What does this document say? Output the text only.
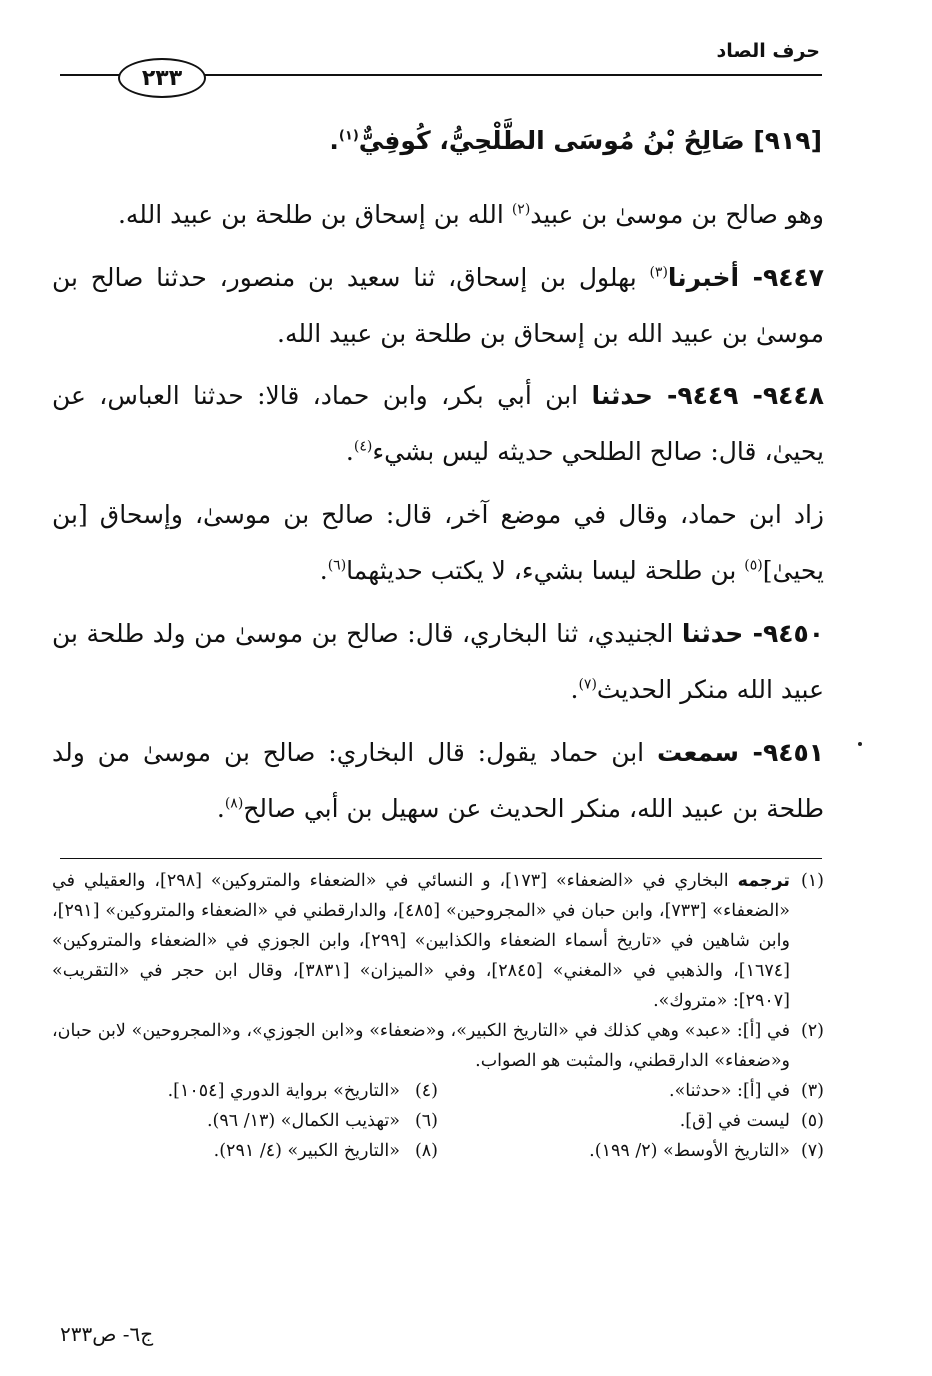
حرف الصاد
٢٣٣
[٩١٩] صَالِحُ بْنُ مُوسَى الطَّلْحِيُّ، كُوفِيٌّ$^{(١)}$.
وهو صالح بن موسىٰ بن عبيد$^{(٢)}$ الله بن إسحاق بن طلحة بن عبيد الله.
٩٤٤٧- أخبرنا$^{(٣)}$ بهلول بن إسحاق، ثنا سعيد بن منصور، حدثنا صالح بن موسىٰ بن عبيد الله بن إسحاق بن طلحة بن عبيد الله.
٩٤٤٨- ٩٤٤٩- حدثنا ابن أبي بكر، وابن حماد، قالا: حدثنا العباس، عن يحيىٰ، قال: صالح الطلحي حديثه ليس بشيء$^{(٤)}$.
زاد ابن حماد، وقال في موضع آخر، قال: صالح بن موسىٰ، وإسحاق [بن يحيىٰ]$^{(٥)}$ بن طلحة ليسا بشيء، لا يكتب حديثهما$^{(٦)}$.
٩٤٥٠- حدثنا الجنيدي، ثنا البخاري، قال: صالح بن موسىٰ من ولد طلحة بن عبيد الله منكر الحديث$^{(٧)}$.
٩٤٥١- سمعت ابن حماد يقول: قال البخاري: صالح بن موسىٰ من ولد طلحة بن عبيد الله، منكر الحديث عن سهيل بن أبي صالح$^{(٨)}$.
(١)
ترجمه البخاري في «الضعفاء» [١٧٣]، و النسائي في «الضعفاء والمتروكين» [٢٩٨]، والعقيلي في «الضعفاء» [٧٣٣]، وابن حبان في «المجروحين» [٤٨٥]، والدارقطني في «الضعفاء والمتروكين» [٢٩١]، وابن شاهين في «تاريخ أسماء الضعفاء والكذابين» [٢٩٩]، وابن الجوزي في «الضعفاء والمتروكين» [١٦٧٤]، والذهبي في «المغني» [٢٨٤٥]، وفي «الميزان» [٣٨٣١]، وقال ابن حجر في «التقريب» [٢٩٠٧]: «متروك».
(٢)
في [أ]: «عبد» وهي كذلك في «التاريخ الكبير»، و«ضعفاء» و«ابن الجوزي»، و«المجروحين» لابن حبان، و«ضعفاء» الدارقطني، والمثبت هو الصواب.
(٣)
في [أ]: «حدثنا».
(٤)
«التاريخ» برواية الدوري [١٠٥٤].
(٥)
ليست في [ق].
(٦)
«تهذيب الكمال» (١٣/ ٩٦).
(٧)
«التاريخ الأوسط» (٢/ ١٩٩).
(٨)
«التاريخ الكبير» (٤/ ٢٩١).
ج٦- ص٢٣٣
